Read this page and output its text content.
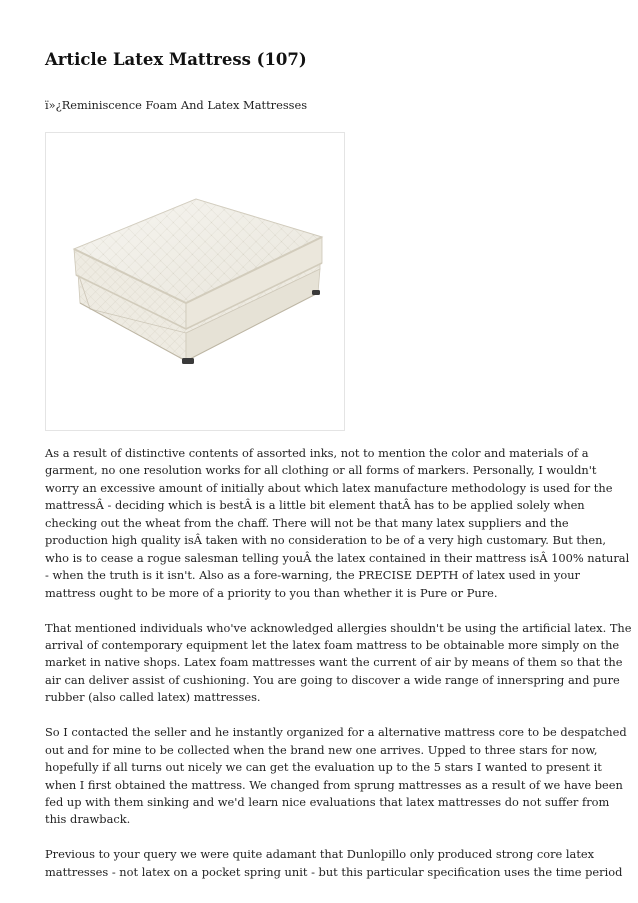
Article Latex Mattress (107)
ï»¿Reminiscence Foam And Latex Mattresses

As a result of distinctive contents of assorted inks, not to mention the color and materials of a
garment, no one resolution works for all clothing or all forms of markers. Personally, I wouldn't
worry an excessive amount of initially about which latex manufacture methodology is used for the
mattressÂ - deciding which is bestÂ is a little bit element thatÂ has to be applied solely when
checking out the wheat from the chaff. There will not be that many latex suppliers and the
production high quality isÂ taken with no consideration to be of a very high customary. But then,
who is to cease a rogue salesman telling youÂ the latex contained in their mattress isÂ 100% natural
- when the truth is it isn't. Also as a fore-warning, the PRECISE DEPTH of latex used in your
mattress ought to be more of a priority to you than whether it is Pure or Pure.

That mentioned individuals who've acknowledged allergies shouldn't be using the artificial latex. The
arrival of contemporary equipment let the latex foam mattress to be obtainable more simply on the
market in native shops. Latex foam mattresses want the current of air by means of them so that the
air can deliver assist of cushioning. You are going to discover a wide range of innerspring and pure
rubber (also called latex) mattresses.

So I contacted the seller and he instantly organized for a alternative mattress core to be despatched
out and for mine to be collected when the brand new one arrives. Upped to three stars for now,
hopefully if all turns out nicely we can get the evaluation up to the 5 stars I wanted to present it
when I first obtained the mattress. We changed from sprung mattresses as a result of we have been
fed up with them sinking and we'd learn nice evaluations that latex mattresses do not suffer from
this drawback.

Previous to your query we were quite adamant that Dunlopillo only produced strong core latex
mattresses - not latex on a pocket spring unit - but this particular specification uses the time period
